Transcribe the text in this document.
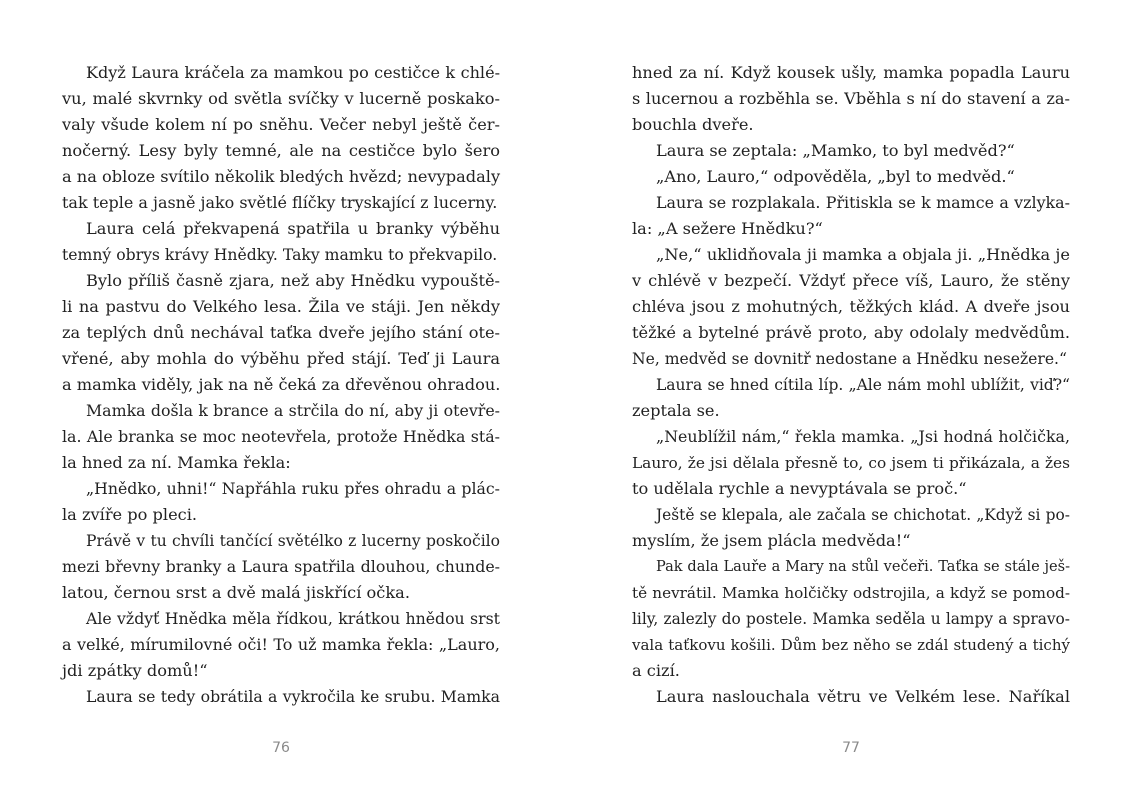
Když Laura kráčela za mamkou po cestičce k chlé-
vu, malé skvrnky od světla svíčky v lucerně poskako-
valy všude kolem ní po sněhu. Večer nebyl ještě čer-
nočerný. Lesy byly temné, ale na cestičce bylo šero
a na obloze svítilo několik bledých hvězd; nevypadaly
tak teple a jasně jako světlé flíčky tryskající z lucerny.
Laura celá překvapená spatřila u branky výběhu
temný obrys krávy Hnědky. Taky mamku to překvapilo.
Bylo příliš časně zjara, než aby Hnědku vypouště-
li na pastvu do Velkého lesa. Žila ve stáji. Jen někdy
za teplých dnů nechával taťka dveře jejího stání ote-
vřené, aby mohla do výběhu před stájí. Teď ji Laura
a mamka viděly, jak na ně čeká za dřevěnou ohradou.
Mamka došla k brance a strčila do ní, aby ji otevře-
la. Ale branka se moc neotevřela, protože Hnědka stá-
la hned za ní. Mamka řekla:
„Hnědko, uhni!“ Napřáhla ruku přes ohradu a plác-
la zvíře po pleci.
Právě v tu chvíli tančící světélko z lucerny poskočilo
mezi břevny branky a Laura spatřila dlouhou, chunde-
latou, černou srst a dvě malá jiskřící očka.
Ale vždyť Hnědka měla řídkou, krátkou hnědou srst
a velké, mírumilovné oči! To už mamka řekla: „Lauro,
jdi zpátky domů!“
Laura se tedy obrátila a vykročila ke srubu. Mamka
hned za ní. Když kousek ušly, mamka popadla Lauru
s lucernou a rozběhla se. Vběhla s ní do stavení a za-
bouchla dveře.
Laura se zeptala: „Mamko, to byl medvěd?“
„Ano, Lauro,“ odpověděla, „byl to medvěd.“
Laura se rozplakala. Přitiskla se k mamce a vzlyka-
la: „A sežere Hnědku?“
„Ne,“ uklidňovala ji mamka a objala ji. „Hnědka je
v chlévě v bezpečí. Vždyť přece víš, Lauro, že stěny
chléva jsou z mohutných, těžkých klád. A dveře jsou
těžké a bytelné právě proto, aby odolaly medvědům.
Ne, medvěd se dovnitř nedostane a Hnědku nesežere.“
Laura se hned cítila líp. „Ale nám mohl ublížit, viď?“
zeptala se.
„Neublížil nám,“ řekla mamka. „Jsi hodná holčička,
Lauro, že jsi dělala přesně to, co jsem ti přikázala, a žes
to udělala rychle a nevyptávala se proč.“
Ještě se klepala, ale začala se chichotat. „Když si po-
myslím, že jsem plácla medvěda!“
Pak dala Lauře a Mary na stůl večeři. Taťka se stále ješ-
tě nevrátil. Mamka holčičky odstrojila, a když se pomod-
lily, zalezly do postele. Mamka seděla u lampy a spravo-
vala taťkovu košili. Dům bez něho se zdál studený a tichý
a cizí.
Laura naslouchala větru ve Velkém lese. Naříkal
76	77
